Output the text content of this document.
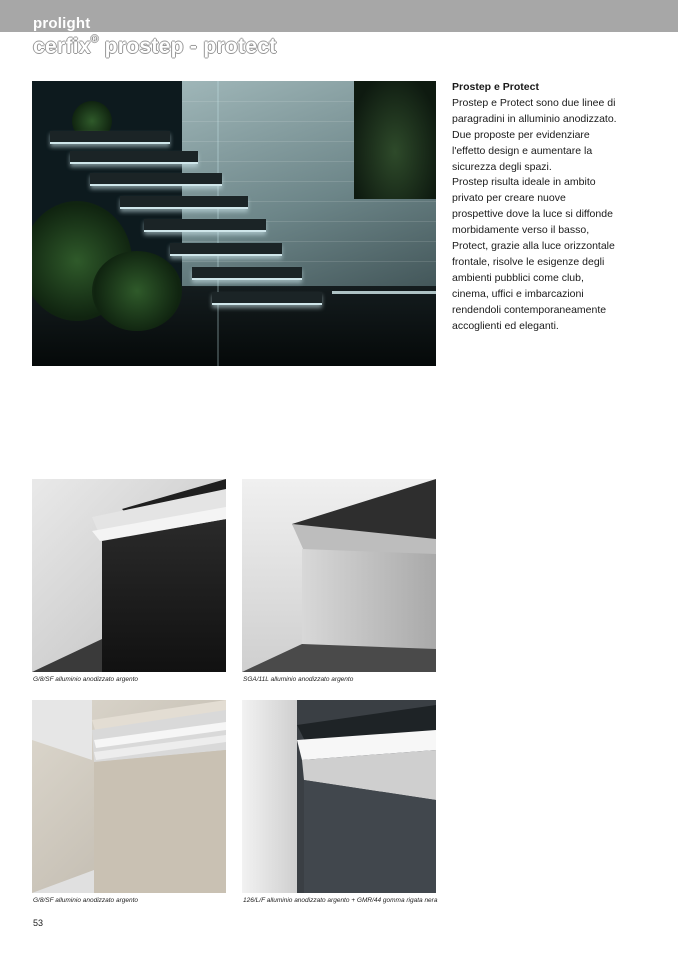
prolight
cerfix® prostep - protect
G/8/SF alluminio anodizzato argento	SGA/11L alluminio anodizzato argento
G/8/SF alluminio anodizzato argento	126/L/F alluminio anodizzato argento + GMR/44 gomma rigata nera
Prostep e Protect
Prostep e Protect sono due linee di
paragradini in alluminio anodizzato.
Due proposte per evidenziare
l'effetto design e aumentare la
sicurezza degli spazi.
Prostep risulta ideale in ambito
privato per creare nuove
prospettive dove la luce si diffonde
morbidamente verso il basso,
Protect, grazie alla luce orizzontale
frontale, risolve le esigenze degli
ambienti pubblici come club,
cinema, uffici e imbarcazioni
rendendoli contemporaneamente
accoglienti ed eleganti.
53
